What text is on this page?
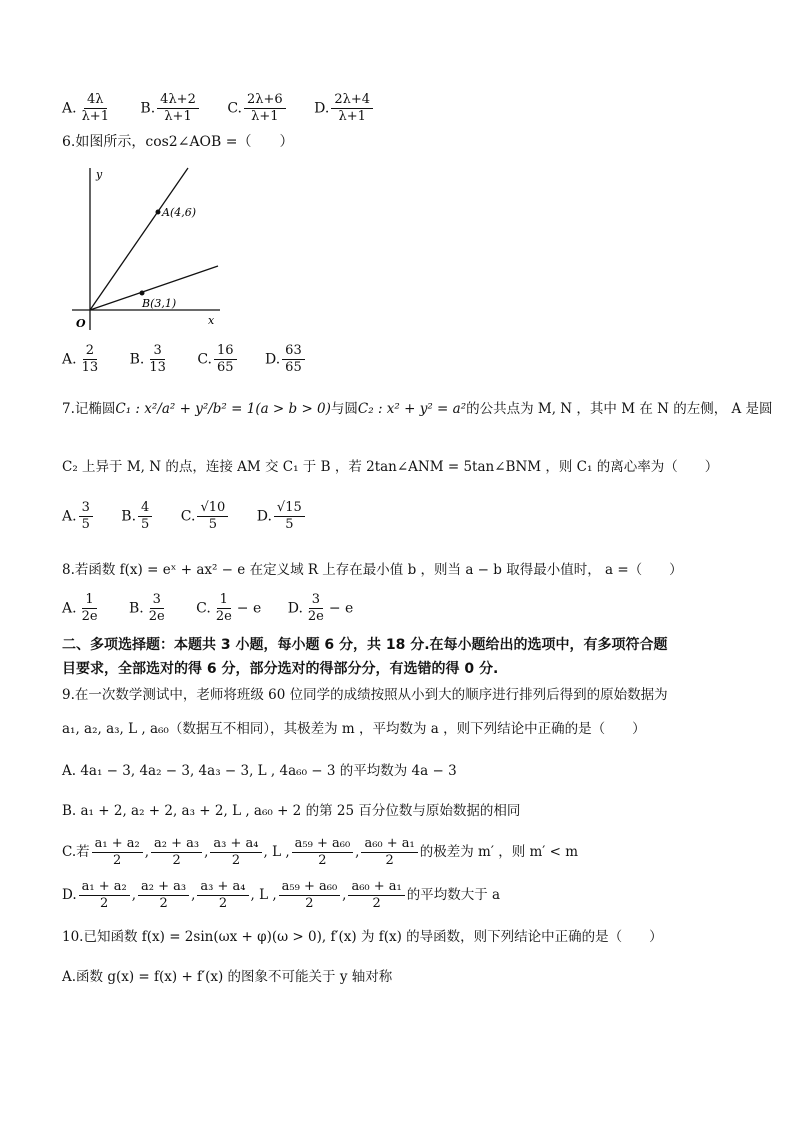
A. $\frac{4\lambda}{\lambda+1} B$. $\frac{4\lambda+2}{\lambda+1} C$. $\frac{2\lambda+6}{\lambda+1} D$. $\frac{2\lambda+4}{\lambda+1}$
6.如图所示，cos2∠AOB =（　　）
y
x
O
A(4,6)
B(3,1)
A. $\frac{2}{13} B$. $\frac{3}{13} C$. $\frac{16}{65} D$. $\frac{63}{65}$
7.记椭圆C₁ : x²/a² + y²/b² = 1(a > b > 0)与圆C₂ : x² + y² = a²的公共点为 M, N ，其中 M 在 N 的左侧， A 是圆
C₂ 上异于 M, N 的点，连接 AM 交 C₁ 于 B ，若 2tan∠ANM = 5tan∠BNM ，则 C₁ 的离心率为（　　）
A. $\frac{3}{5} B$. $\frac{4}{5} C$. $\frac{√10}{5} D$. $\frac{√15}{5}$
8.若函数 f(x) = eˣ + ax² − e 在定义域 R 上存在最小值 b ，则当 a − b 取得最小值时， a =（　　）
A. $\frac{1}{2e} B$. $\frac{3}{2e} C$. $\frac{1}{2e} - e$ D. $\frac{3}{2e} - e$
二、多项选择题：本题共 3 小题，每小题 6 分，共 18 分.在每小题给出的选项中，有多项符合题
目要求，全部选对的得 6 分，部分选对的得部分分，有选错的得 0 分.
9.在一次数学测试中，老师将班级 60 位同学的成绩按照从小到大的顺序进行排列后得到的原始数据为
a₁, a₂, a₃, L , a₆₀（数据互不相同），其极差为 m ，平均数为 a ，则下列结论中正确的是（　　）
A. 4a₁ − 3, 4a₂ − 3, 4a₃ − 3, L , 4a₆₀ − 3 的平均数为 4a − 3
B. a₁ + 2, a₂ + 2, a₃ + 2, L , a₆₀ + 2 的第 25 百分位数与原始数据的相同
C.若 $\frac{\text{a₁ + a₂}}{2}$ , $\frac{\text{a₂ + a₃}}{2}$ , $\frac{\text{a₃ + a₄}}{2}$ , L , $\frac{\text{a₅₉ + a₆₀}}{2}$ , $\frac{\text{a₆₀ + a₁}}{2}$ 的极差为 m′ ，则 m′ < m
D. $\frac{\text{a₁ + a₂}}{2}$ , $\frac{\text{a₂ + a₃}}{2}$ , $\frac{\text{a₃ + a₄}}{2}$ , L , $\frac{\text{a₅₉ + a₆₀}}{2}$ , $\frac{\text{a₆₀ + a₁}}{2}$ 的平均数大于 a
10.已知函数 f(x) = 2sin(ωx + φ)(ω > 0), f′(x) 为 f(x) 的导函数，则下列结论中正确的是（　　）
A.函数 g(x) = f(x) + f′(x) 的图象不可能关于 y 轴对称
